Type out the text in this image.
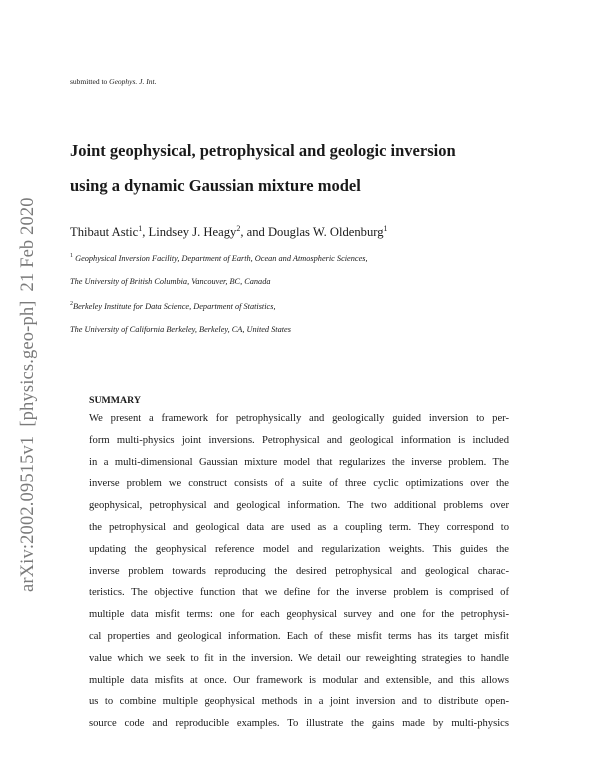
arXiv:2002.09515v1[physics.geo-ph]21 Feb 2020
submitted to Geophys. J. Int.
Joint geophysical, petrophysical and geologic inversion
using a dynamic Gaussian mixture model
Thibaut Astic$^1$, Lindsey J. Heagy$^2$, and Douglas W. Oldenburg$^1$
$^1$ Geophysical Inversion Facility, Department of Earth, Ocean and Atmospheric Sciences,
The University of British Columbia, Vancouver, BC, Canada
$^2$Berkeley Institute for Data Science, Department of Statistics,
The University of California Berkeley, Berkeley, CA, United States
SUMMARY
We present a framework for petrophysically and geologically guided inversion to per-
form multi-physics joint inversions. Petrophysical and geological information is included
in a multi-dimensional Gaussian mixture model that regularizes the inverse problem. The
inverse problem we construct consists of a suite of three cyclic optimizations over the
geophysical, petrophysical and geological information. The two additional problems over
the petrophysical and geological data are used as a coupling term. They correspond to
updating the geophysical reference model and regularization weights. This guides the
inverse problem towards reproducing the desired petrophysical and geological charac-
teristics. The objective function that we define for the inverse problem is comprised of
multiple data misfit terms: one for each geophysical survey and one for the petrophysi-
cal properties and geological information. Each of these misfit terms has its target misfit
value which we seek to fit in the inversion. We detail our reweighting strategies to handle
multiple data misfits at once. Our framework is modular and extensible, and this allows
us to combine multiple geophysical methods in a joint inversion and to distribute open-
source code and reproducible examples. To illustrate the gains made by multi-physics
